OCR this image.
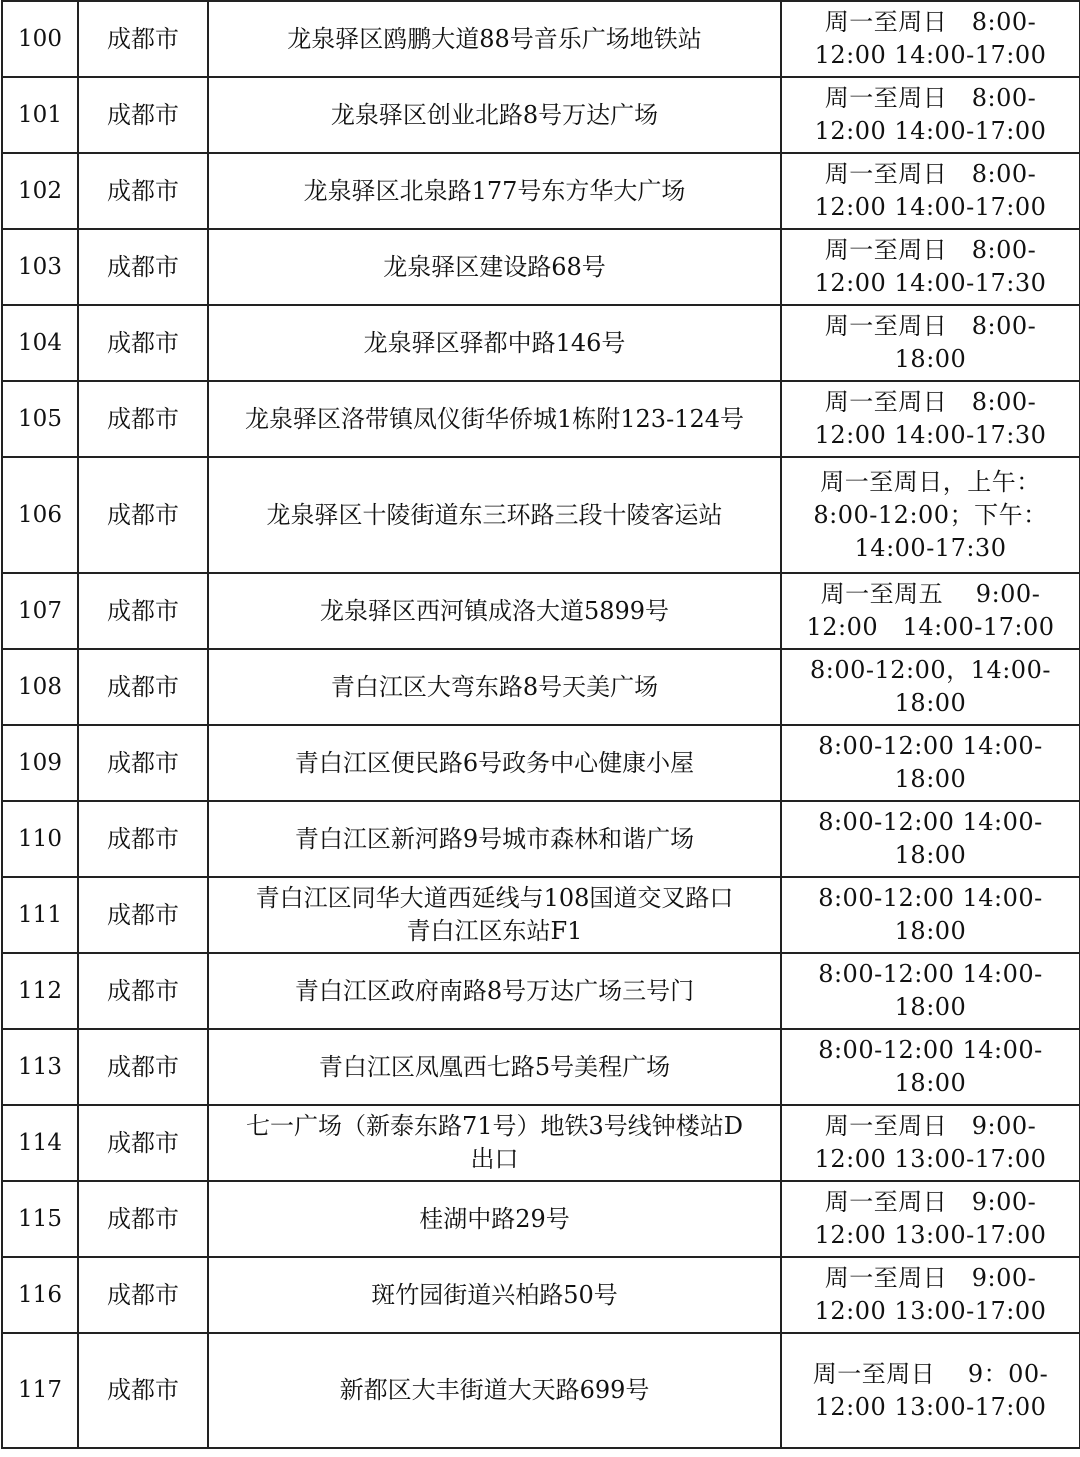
100	成都市	龙泉驿区鸥鹏大道88号音乐广场地铁站	周一至周日　8:00-
12:00 14:00-17:00
101	成都市	龙泉驿区创业北路8号万达广场	周一至周日　8:00-
12:00 14:00-17:00
102	成都市	龙泉驿区北泉路177号东方华大广场	周一至周日　8:00-
12:00 14:00-17:00
103	成都市	龙泉驿区建设路68号	周一至周日　8:00-
12:00 14:00-17:30
104	成都市	龙泉驿区驿都中路146号	周一至周日　8:00-
18:00
105	成都市	龙泉驿区洛带镇凤仪街华侨城1栋附123-124号	周一至周日　8:00-
12:00 14:00-17:30
106	成都市	龙泉驿区十陵街道东三环路三段十陵客运站	周一至周日，上午：
8:00-12:00；下午：
14:00-17:30
107	成都市	龙泉驿区西河镇成洛大道5899号	周一至周五　 9:00-
12:00　14:00-17:00
108	成都市	青白江区大弯东路8号天美广场	8:00-12:00，14:00-
18:00
109	成都市	青白江区便民路6号政务中心健康小屋	8:00-12:00 14:00-
18:00
110	成都市	青白江区新河路9号城市森林和谐广场	8:00-12:00 14:00-
18:00
111	成都市	青白江区同华大道西延线与108国道交叉路口
青白江区东站F1	8:00-12:00 14:00-
18:00
112	成都市	青白江区政府南路8号万达广场三号门	8:00-12:00 14:00-
18:00
113	成都市	青白江区凤凰西七路5号美程广场	8:00-12:00 14:00-
18:00
114	成都市	七一广场（新泰东路71号）地铁3号线钟楼站D
出口	周一至周日　9:00-
12:00 13:00-17:00
115	成都市	桂湖中路29号	周一至周日　9:00-
12:00 13:00-17:00
116	成都市	斑竹园街道兴柏路50号	周一至周日　9:00-
12:00 13:00-17:00
117	成都市	新都区大丰街道大天路699号	周一至周日　 9：00-
12:00 13:00-17:00
